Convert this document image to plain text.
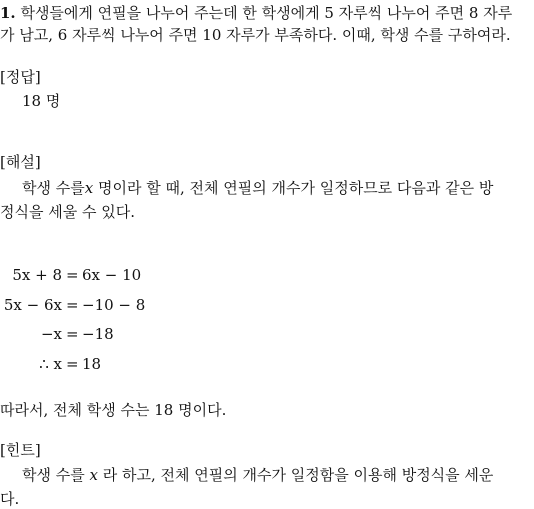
1. 학생들에게 연필을 나누어 주는데 한 학생에게 5 자루씩 나누어 주면 8 자루
가 남고, 6 자루씩 나누어 주면 10 자루가 부족하다. 이때, 학생 수를 구하여라.
[정답]
18 명
[해설]
학생 수를x 명이라 할 때, 전체 연필의 개수가 일정하므로 다음과 같은 방
정식을 세울 수 있다.
5x + 8 = 6x − 10
5x − 6x = −10 − 8
−x = −18
∴ x = 18
따라서, 전체 학생 수는 18 명이다.
[힌트]
학생 수를 x 라 하고, 전체 연필의 개수가 일정함을 이용해 방정식을 세운
다.
